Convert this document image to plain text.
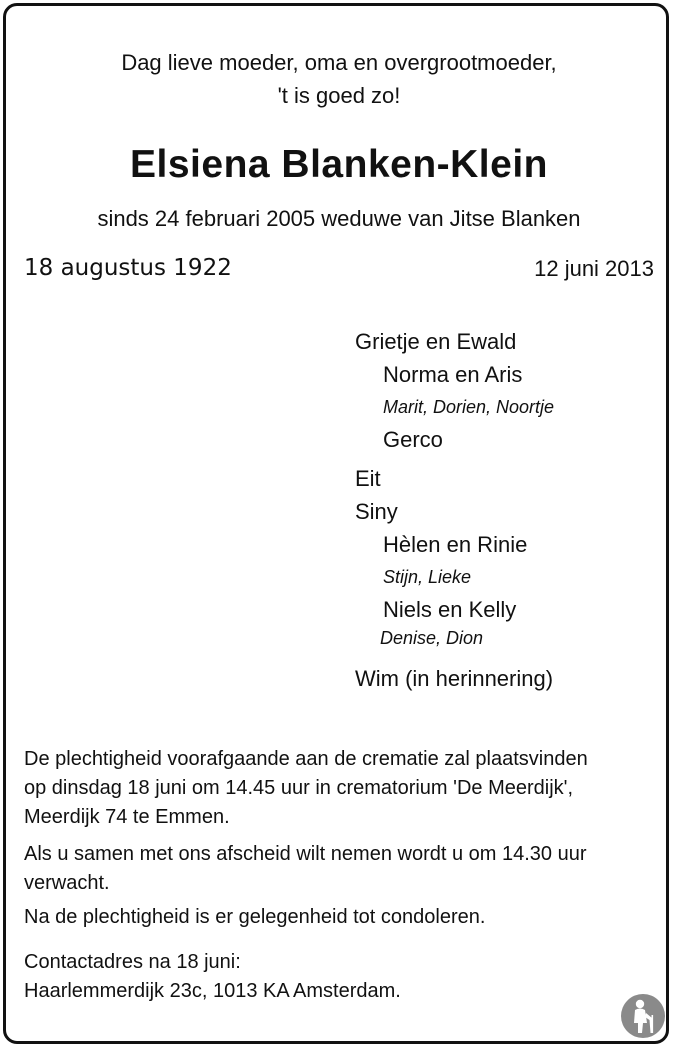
Dag lieve moeder, oma en overgrootmoeder,
't is goed zo!
Elsiena Blanken-Klein
sinds 24 februari 2005 weduwe van Jitse Blanken
18 augustus 1922	12 juni 2013
Grietje en Ewald
Norma en Aris
Marit, Dorien, Noortje
Gerco
Eit
Siny
Hèlen en Rinie
Stijn, Lieke
Niels en Kelly
Denise, Dion
Wim (in herinnering)
De plechtigheid voorafgaande aan de crematie zal plaatsvinden
op dinsdag 18 juni om 14.45 uur in crematorium 'De Meerdijk',
Meerdijk 74 te Emmen.
Als u samen met ons afscheid wilt nemen wordt u om 14.30 uur
verwacht.
Na de plechtigheid is er gelegenheid tot condoleren.
Contactadres na 18 juni:
Haarlemmerdijk 23c, 1013 KA Amsterdam.
